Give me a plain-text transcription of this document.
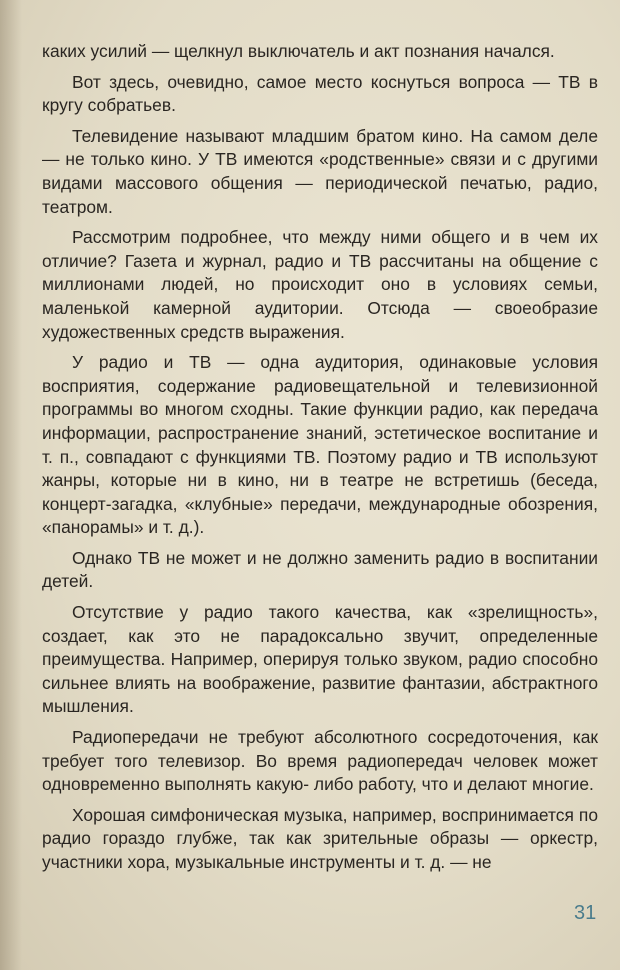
каких усилий — щелкнул выключатель и акт познания начался.

Вот здесь, очевидно, самое место коснуться вопроса — ТВ в кругу собратьев.

Телевидение называют младшим братом кино. На самом деле — не только кино. У ТВ имеются «родственные» связи и с другими видами массового общения — периодической печатью, радио, театром.

Рассмотрим подробнее, что между ними общего и в чем их отличие? Газета и журнал, радио и ТВ рассчитаны на общение с миллионами людей, но происходит оно в условиях семьи, маленькой камерной аудитории. Отсюда — своеобразие художественных средств выражения.

У радио и ТВ — одна аудитория, одинаковые условия восприятия, содержание радиовещательной и телевизионной программы во многом сходны. Такие функции радио, как передача информации, распространение знаний, эстетическое воспитание и т. п., совпадают с функциями ТВ. Поэтому радио и ТВ используют жанры, которые ни в кино, ни в театре не встретишь (беседа, концерт-загадка, «клубные» передачи, международные обозрения, «панорамы» и т. д.).

Однако ТВ не может и не должно заменить радио в воспитании детей.

Отсутствие у радио такого качества, как «зрелищность», создает, как это не парадоксально звучит, определенные преимущества. Например, оперируя только звуком, радио способно сильнее влиять на воображение, развитие фантазии, абстрактного мышления.

Радиопередачи не требуют абсолютного сосредоточения, как требует того телевизор. Во время радиопередач человек может одновременно выполнять какую- либо работу, что и делают многие.

Хорошая симфоническая музыка, например, воспринимается по радио гораздо глубже, так как зрительные образы — оркестр, участники хора, музыкальные инструменты и т. д. — не

31
